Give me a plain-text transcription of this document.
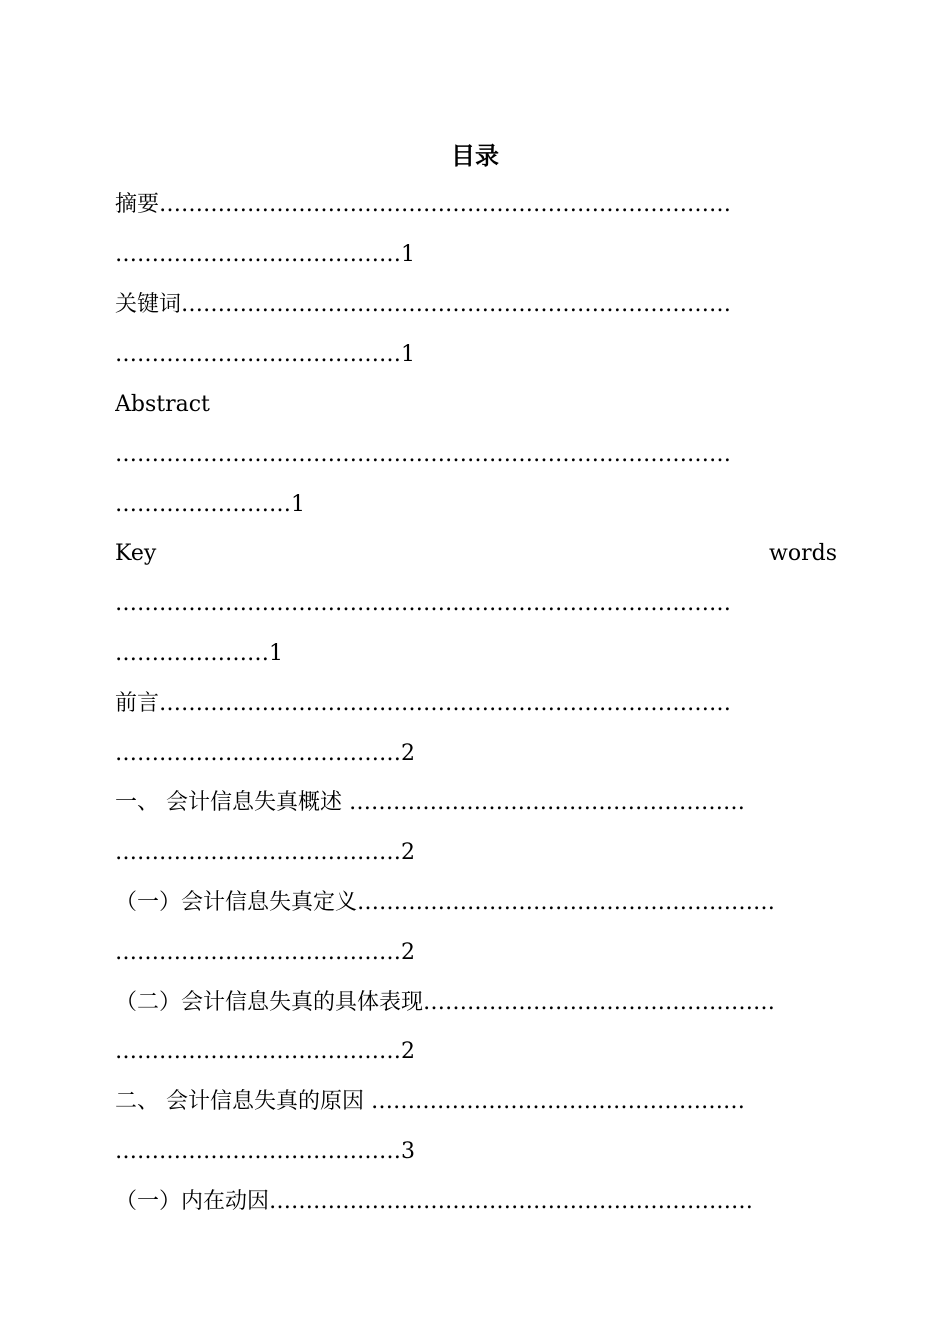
目录
摘要……………………………………………………………………
…………………………………1
关键词…………………………………………………………………
…………………………………1
Abstract
…………………………………………………………………………
……………………1
Key	words
…………………………………………………………………………
…………………1
前言……………………………………………………………………
…………………………………2
一、 会计信息失真概述 ………………………………………………
…………………………………2
（一）会计信息失真定义…………………………………………………
…………………………………2
（二）会计信息失真的具体表现…………………………………………
…………………………………2
二、 会计信息失真的原因 ……………………………………………
…………………………………3
（一）内在动因…………………………………………………………
